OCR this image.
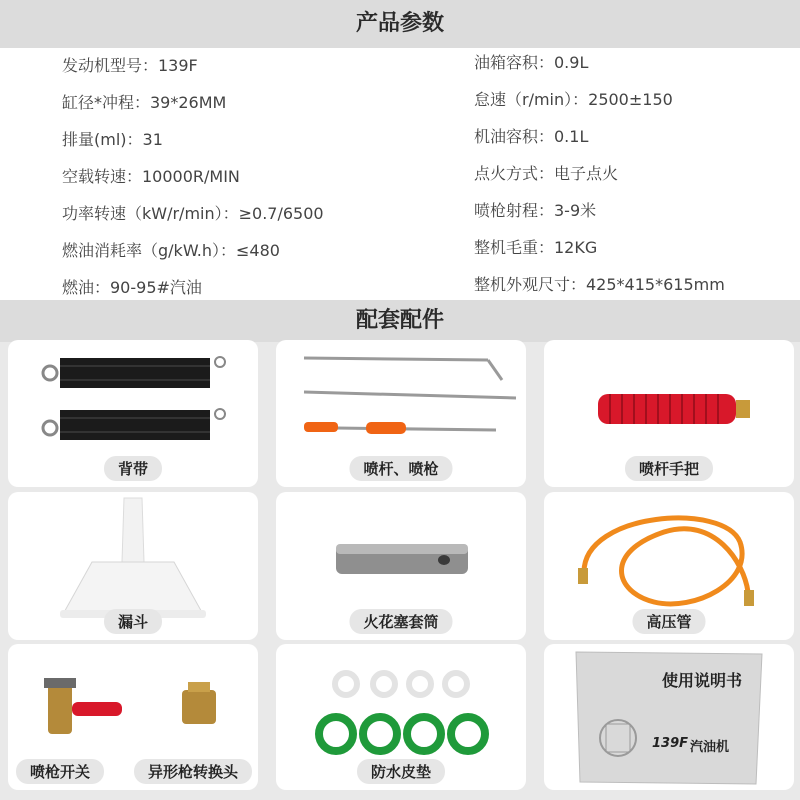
产品参数
发动机型号：139F
缸径*冲程：39*26MM
排量(ml)：31
空载转速：10000R/MIN
功率转速（kW/r/min）：≥0.7/6500
燃油消耗率（g/kW.h）：≤480
燃油：90-95#汽油
油箱容积：0.9L
怠速（r/min）：2500±150
机油容积：0.1L
点火方式：电子点火
喷枪射程：3-9米
整机毛重：12KG
整机外观尺寸：425*415*615mm
配套配件
背带	喷杆、喷枪	喷杆手把
漏斗	火花塞套筒	高压管
喷枪开关	异形枪转换头	防水皮垫
使用说明书
139F 汽油机
